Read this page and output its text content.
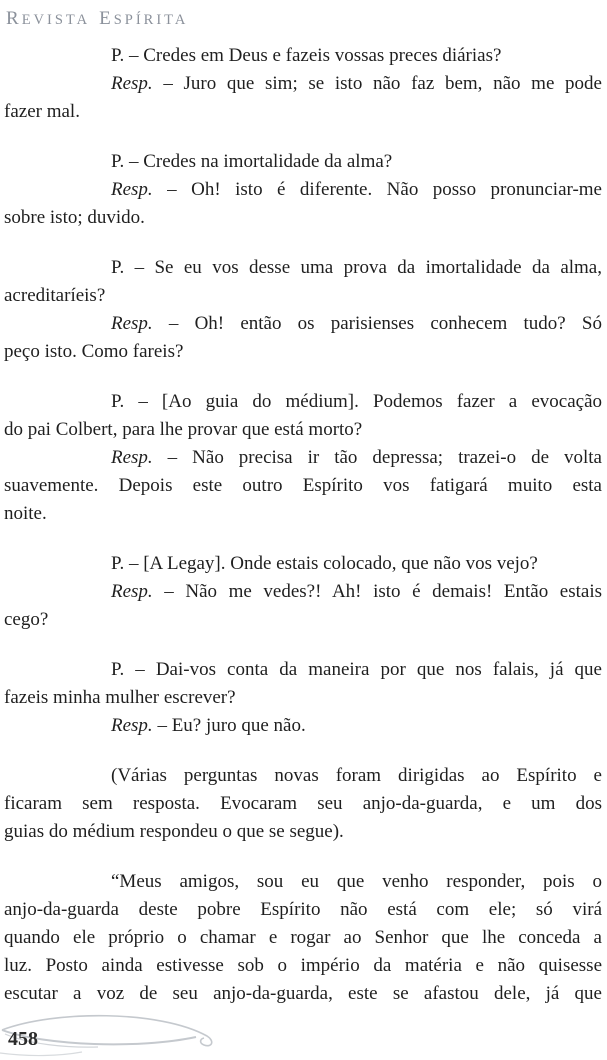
REVISTA ESPÍRITA
P. – Credes em Deus e fazeis vossas preces diárias?
Resp. – Juro que sim; se isto não faz bem, não me pode
fazer mal.
P. – Credes na imortalidade da alma?
Resp. – Oh! isto é diferente. Não posso pronunciar-me
sobre isto; duvido.
P. – Se eu vos desse uma prova da imortalidade da alma,
acreditaríeis?
Resp. – Oh! então os parisienses conhecem tudo? Só
peço isto. Como fareis?
P. – [Ao guia do médium]. Podemos fazer a evocação
do pai Colbert, para lhe provar que está morto?
Resp. – Não precisa ir tão depressa; trazei-o de volta
suavemente. Depois este outro Espírito vos fatigará muito esta
noite.
P. – [A Legay]. Onde estais colocado, que não vos vejo?
Resp. – Não me vedes?! Ah! isto é demais! Então estais
cego?
P. – Dai-vos conta da maneira por que nos falais, já que
fazeis minha mulher escrever?
Resp. – Eu? juro que não.
(Várias perguntas novas foram dirigidas ao Espírito e
ficaram sem resposta. Evocaram seu anjo-da-guarda, e um dos
guias do médium respondeu o que se segue).
“Meus amigos, sou eu que venho responder, pois o
anjo-da-guarda deste pobre Espírito não está com ele; só virá
quando ele próprio o chamar e rogar ao Senhor que lhe conceda a
luz. Posto ainda estivesse sob o império da matéria e não quisesse
escutar a voz de seu anjo-da-guarda, este se afastou dele, já que
458
